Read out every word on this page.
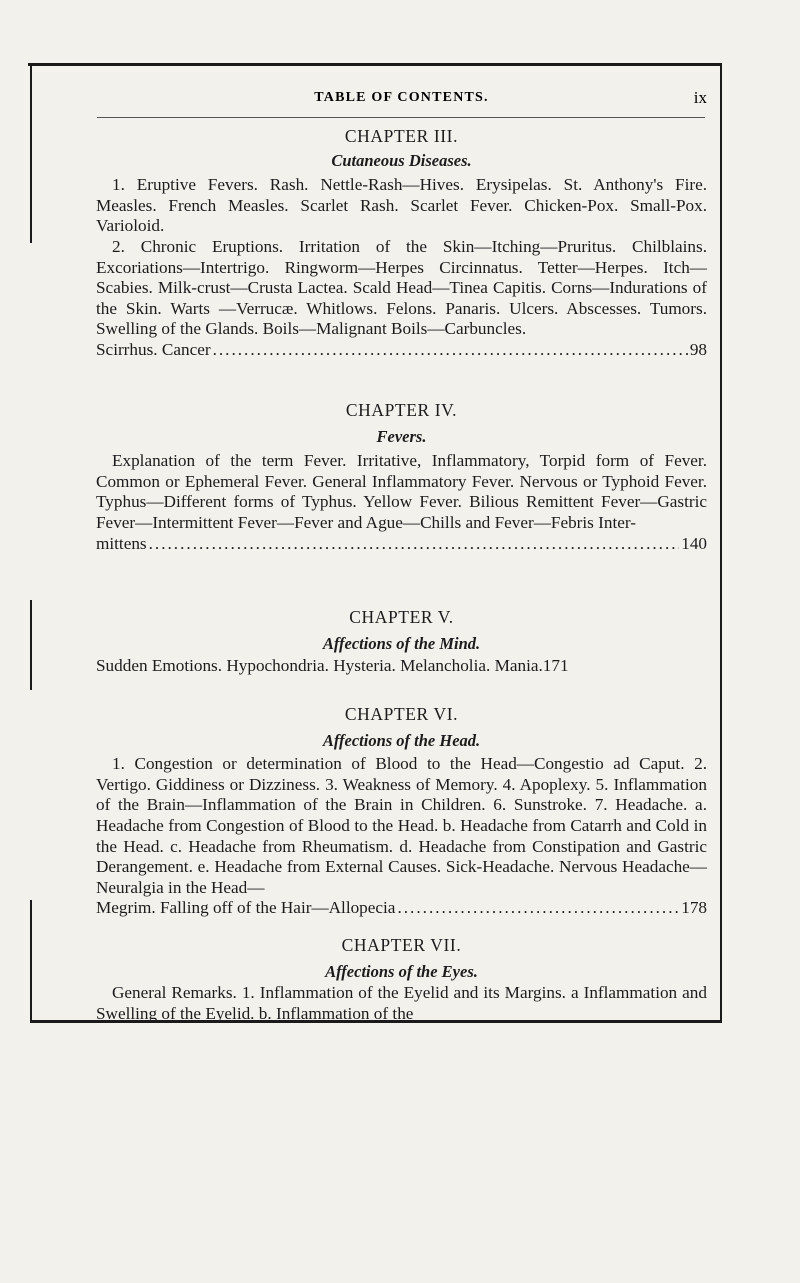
TABLE OF CONTENTS.	ix

CHAPTER III.

Cutaneous Diseases.

1. Eruptive Fevers. Rash. Nettle-Rash—Hives. Erysipelas. St. Anthony's Fire. Measles. French Measles. Scarlet Rash. Scarlet Fever. Chicken-Pox. Small-Pox. Varioloid.

2. Chronic Eruptions. Irritation of the Skin—Itching—Pruritus. Chilblains. Excoriations—Intertrigo. Ringworm—Herpes Circinnatus. Tetter—Herpes. Itch—Scabies. Milk-crust—Crusta Lactea. Scald Head—Tinea Capitis. Corns—Indurations of the Skin. Warts —Verrucæ. Whitlows. Felons. Panaris. Ulcers. Abscesses. Tumors. Swelling of the Glands. Boils—Malignant Boils—Carbuncles.

Scirrhus. Cancer .....	98

CHAPTER IV.

Fevers.

Explanation of the term Fever. Irritative, Inflammatory, Torpid form of Fever. Common or Ephemeral Fever. General Inflammatory Fever. Nervous or Typhoid Fever. Typhus—Different forms of Typhus. Yellow Fever. Bilious Remittent Fever—Gastric Fever—Intermittent Fever—Fever and Ague—Chills and Fever—Febris Inter-

mittens .....	140

CHAPTER V.

Affections of the Mind.

Sudden Emotions. Hypochondria. Hysteria. Melancholia. Mania.171

CHAPTER VI.

Affections of the Head.

1. Congestion or determination of Blood to the Head—Congestio ad Caput. 2. Vertigo. Giddiness or Dizziness. 3. Weakness of Memory. 4. Apoplexy. 5. Inflammation of the Brain—Inflammation of the Brain in Children. 6. Sunstroke. 7. Headache. a. Headache from Congestion of Blood to the Head. b. Headache from Catarrh and Cold in the Head. c. Headache from Rheumatism. d. Headache from Constipation and Gastric Derangement. e. Headache from External Causes. Sick-Headache. Nervous Headache—Neuralgia in the Head—

Megrim. Falling off of the Hair—Allopecia .....	178

CHAPTER VII.

Affections of the Eyes.

General Remarks. 1. Inflammation of the Eyelid and its Margins. a Inflammation and Swelling of the Eyelid. b. Inflammation of the
